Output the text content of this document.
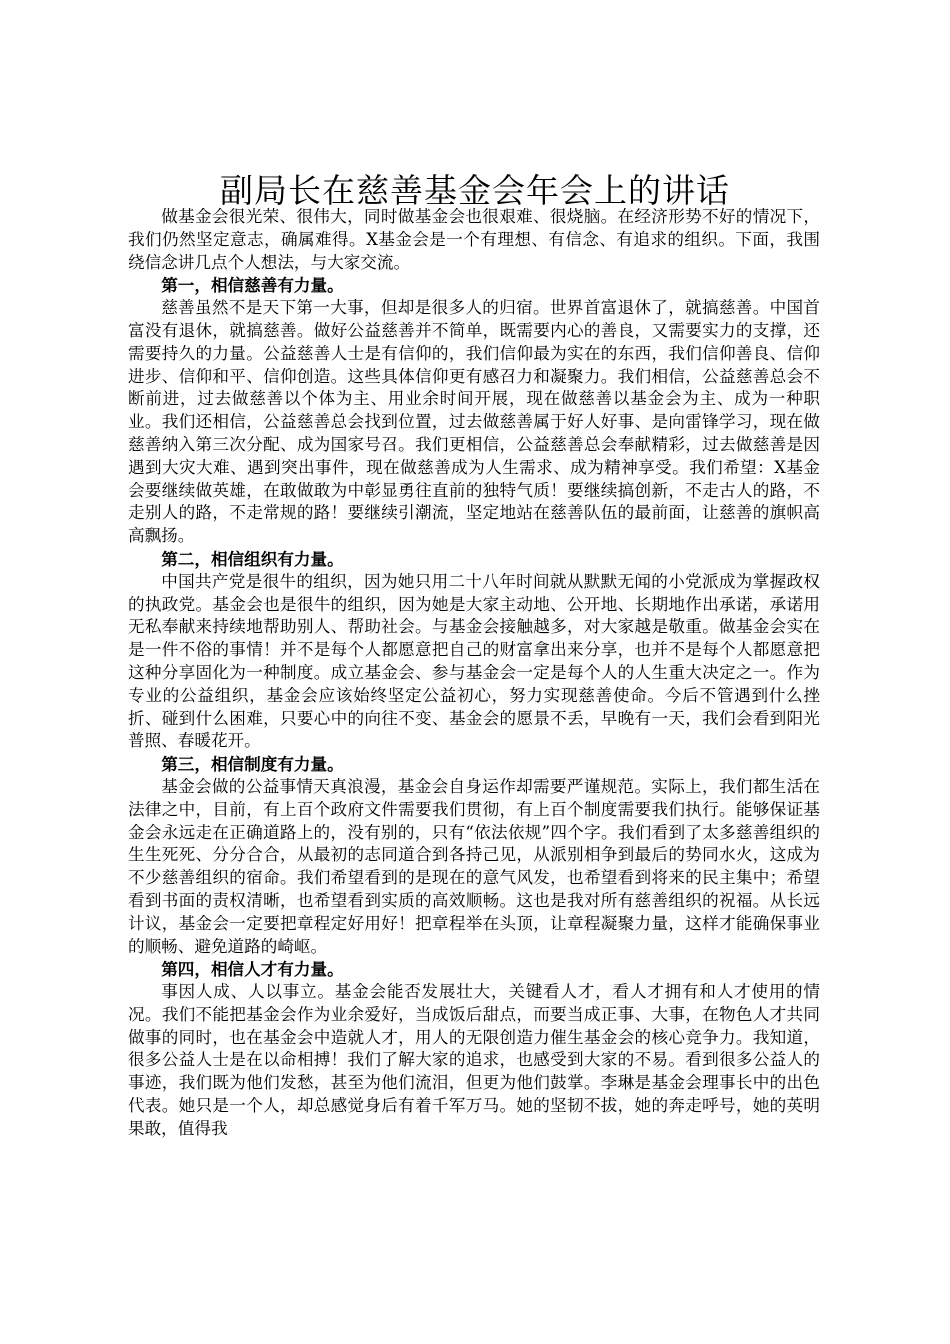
副局长在慈善基金会年会上的讲话

做基金会很光荣、很伟大，同时做基金会也很艰难、很烧脑。在经济形势不好的情况下，我们仍然坚定意志，确属难得。X基金会是一个有理想、有信念、有追求的组织。下面，我围绕信念讲几点个人想法，与大家交流。

第一，相信慈善有力量。

慈善虽然不是天下第一大事，但却是很多人的归宿。世界首富退休了，就搞慈善。中国首富没有退休，就搞慈善。做好公益慈善并不简单，既需要内心的善良，又需要实力的支撑，还需要持久的力量。公益慈善人士是有信仰的，我们信仰最为实在的东西，我们信仰善良、信仰进步、信仰和平、信仰创造。这些具体信仰更有感召力和凝聚力。我们相信，公益慈善总会不断前进，过去做慈善以个体为主、用业余时间开展，现在做慈善以基金会为主、成为一种职业。我们还相信，公益慈善总会找到位置，过去做慈善属于好人好事、是向雷锋学习，现在做慈善纳入第三次分配、成为国家号召。我们更相信，公益慈善总会奉献精彩，过去做慈善是因遇到大灾大难、遇到突出事件，现在做慈善成为人生需求、成为精神享受。我们希望：X基金会要继续做英雄，在敢做敢为中彰显勇往直前的独特气质！要继续搞创新，不走古人的路，不走别人的路，不走常规的路！要继续引潮流，坚定地站在慈善队伍的最前面，让慈善的旗帜高高飘扬。

第二，相信组织有力量。

中国共产党是很牛的组织，因为她只用二十八年时间就从默默无闻的小党派成为掌握政权的执政党。基金会也是很牛的组织，因为她是大家主动地、公开地、长期地作出承诺，承诺用无私奉献来持续地帮助别人、帮助社会。与基金会接触越多，对大家越是敬重。做基金会实在是一件不俗的事情！并不是每个人都愿意把自己的财富拿出来分享，也并不是每个人都愿意把这种分享固化为一种制度。成立基金会、参与基金会一定是每个人的人生重大决定之一。作为专业的公益组织，基金会应该始终坚定公益初心，努力实现慈善使命。今后不管遇到什么挫折、碰到什么困难，只要心中的向往不变、基金会的愿景不丢，早晚有一天，我们会看到阳光普照、春暖花开。

第三，相信制度有力量。

基金会做的公益事情天真浪漫，基金会自身运作却需要严谨规范。实际上，我们都生活在法律之中，目前，有上百个政府文件需要我们贯彻，有上百个制度需要我们执行。能够保证基金会永远走在正确道路上的，没有别的，只有“依法依规”四个字。我们看到了太多慈善组织的生生死死、分分合合，从最初的志同道合到各持己见，从派别相争到最后的势同水火，这成为不少慈善组织的宿命。我们希望看到的是现在的意气风发，也希望看到将来的民主集中；希望看到书面的责权清晰，也希望看到实质的高效顺畅。这也是我对所有慈善组织的祝福。从长远计议，基金会一定要把章程定好用好！把章程举在头顶，让章程凝聚力量，这样才能确保事业的顺畅、避免道路的崎岖。

第四，相信人才有力量。

事因人成、人以事立。基金会能否发展壮大，关键看人才，看人才拥有和人才使用的情况。我们不能把基金会作为业余爱好，当成饭后甜点，而要当成正事、大事，在物色人才共同做事的同时，也在基金会中造就人才，用人的无限创造力催生基金会的核心竞争力。我知道，很多公益人士是在以命相搏！我们了解大家的追求，也感受到大家的不易。看到很多公益人的事迹，我们既为他们发愁，甚至为他们流泪，但更为他们鼓掌。李琳是基金会理事长中的出色代表。她只是一个人，却总感觉身后有着千军万马。她的坚韧不拔，她的奔走呼号，她的英明果敢，值得我
